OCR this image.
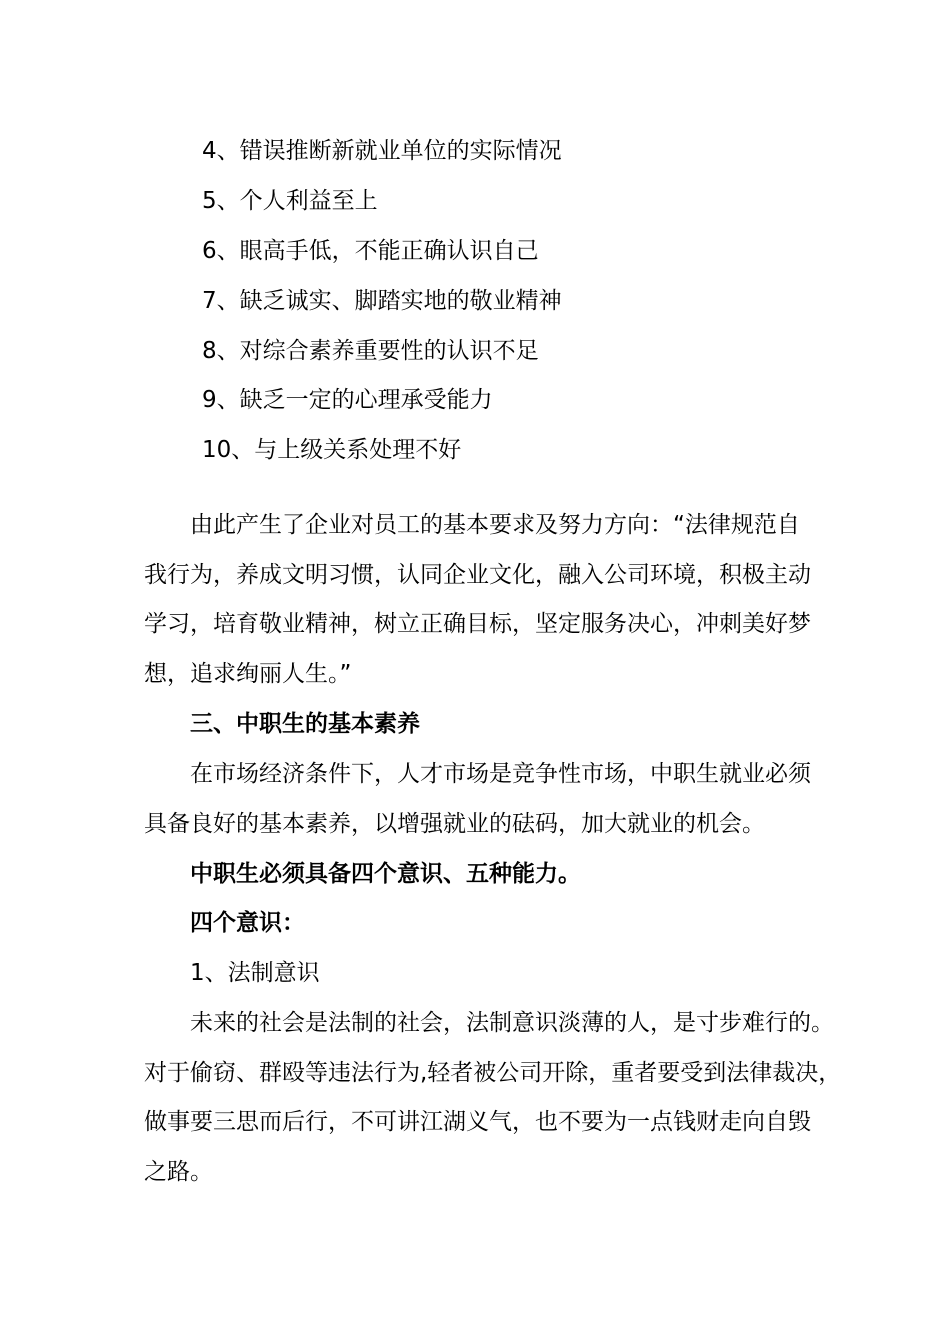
4、错误推断新就业单位的实际情况
5、个人利益至上
6、眼高手低，不能正确认识自己
7、缺乏诚实、脚踏实地的敬业精神
8、对综合素养重要性的认识不足
9、缺乏一定的心理承受能力
10、与上级关系处理不好
由此产生了企业对员工的基本要求及努力方向：“法律规范自
我行为，养成文明习惯，认同企业文化，融入公司环境，积极主动
学习，培育敬业精神，树立正确目标，坚定服务决心，冲刺美好梦
想，追求绚丽人生。”
三、中职生的基本素养
在市场经济条件下，人才市场是竞争性市场，中职生就业必须
具备良好的基本素养，以增强就业的砝码，加大就业的机会。
中职生必须具备四个意识、五种能力。
四个意识：
1、法制意识
未来的社会是法制的社会，法制意识淡薄的人，是寸步难行的。
对于偷窃、群殴等违法行为,轻者被公司开除，重者要受到法律裁决，
做事要三思而后行，不可讲江湖义气，也不要为一点钱财走向自毁
之路。
